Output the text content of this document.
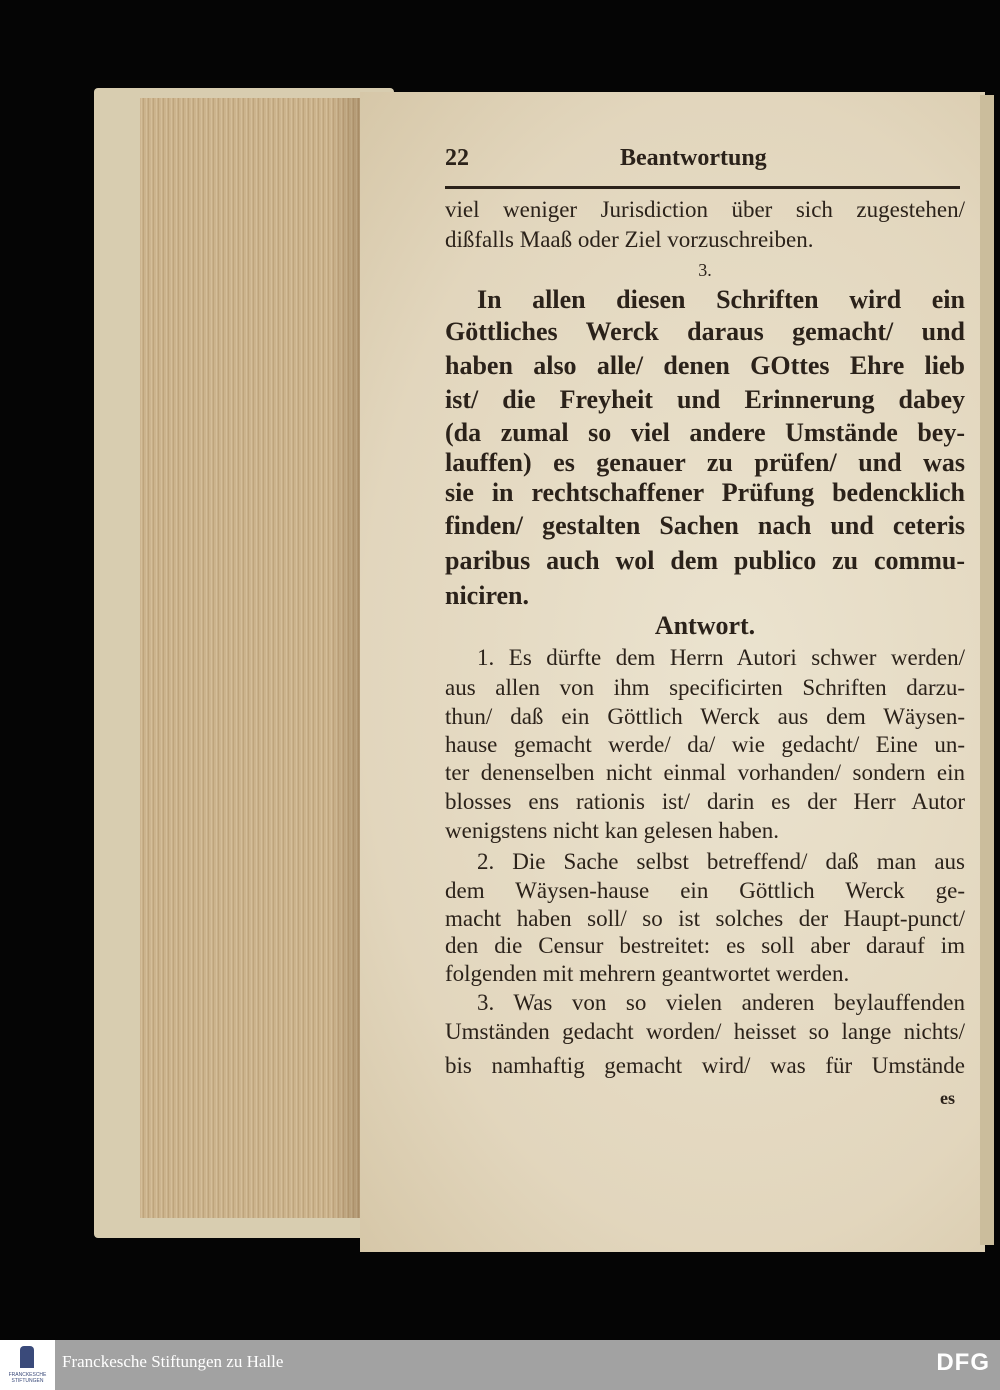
22	Beantwortung
viel weniger Jurisdiction über sich zugestehen/
dißfalls Maaß oder Ziel vorzuschreiben.
3.
In allen diesen Schriften wird ein
Göttliches Werck daraus gemacht/ und
haben also alle/ denen GOttes Ehre lieb
ist/ die Freyheit und Erinnerung dabey
(da zumal so viel andere Umstände bey-
lauffen) es genauer zu prüfen/ und was
sie in rechtschaffener Prüfung bedencklich
finden/ gestalten Sachen nach und ceteris
paribus auch wol dem publico zu commu-
niciren.
Antwort.
1. Es dürfte dem Herrn Autori schwer werden/
aus allen von ihm specificirten Schriften darzu-
thun/ daß ein Göttlich Werck aus dem Wäysen-
hause gemacht werde/ da/ wie gedacht/ Eine un-
ter denenselben nicht einmal vorhanden/ sondern ein
blosses ens rationis ist/ darin es der Herr Autor
wenigstens nicht kan gelesen haben.
2. Die Sache selbst betreffend/ daß man aus
dem Wäysen-hause ein Göttlich Werck ge-
macht haben soll/ so ist solches der Haupt-punct/
den die Censur bestreitet: es soll aber darauf im
folgenden mit mehrern geantwortet werden.
3. Was von so vielen anderen beylauffenden
Umständen gedacht worden/ heisset so lange nichts/
bis namhaftig gemacht wird/ was für Umstände
es
FRANCKESCHE STIFTUNGEN
Franckesche Stiftungen zu Halle	DFG
